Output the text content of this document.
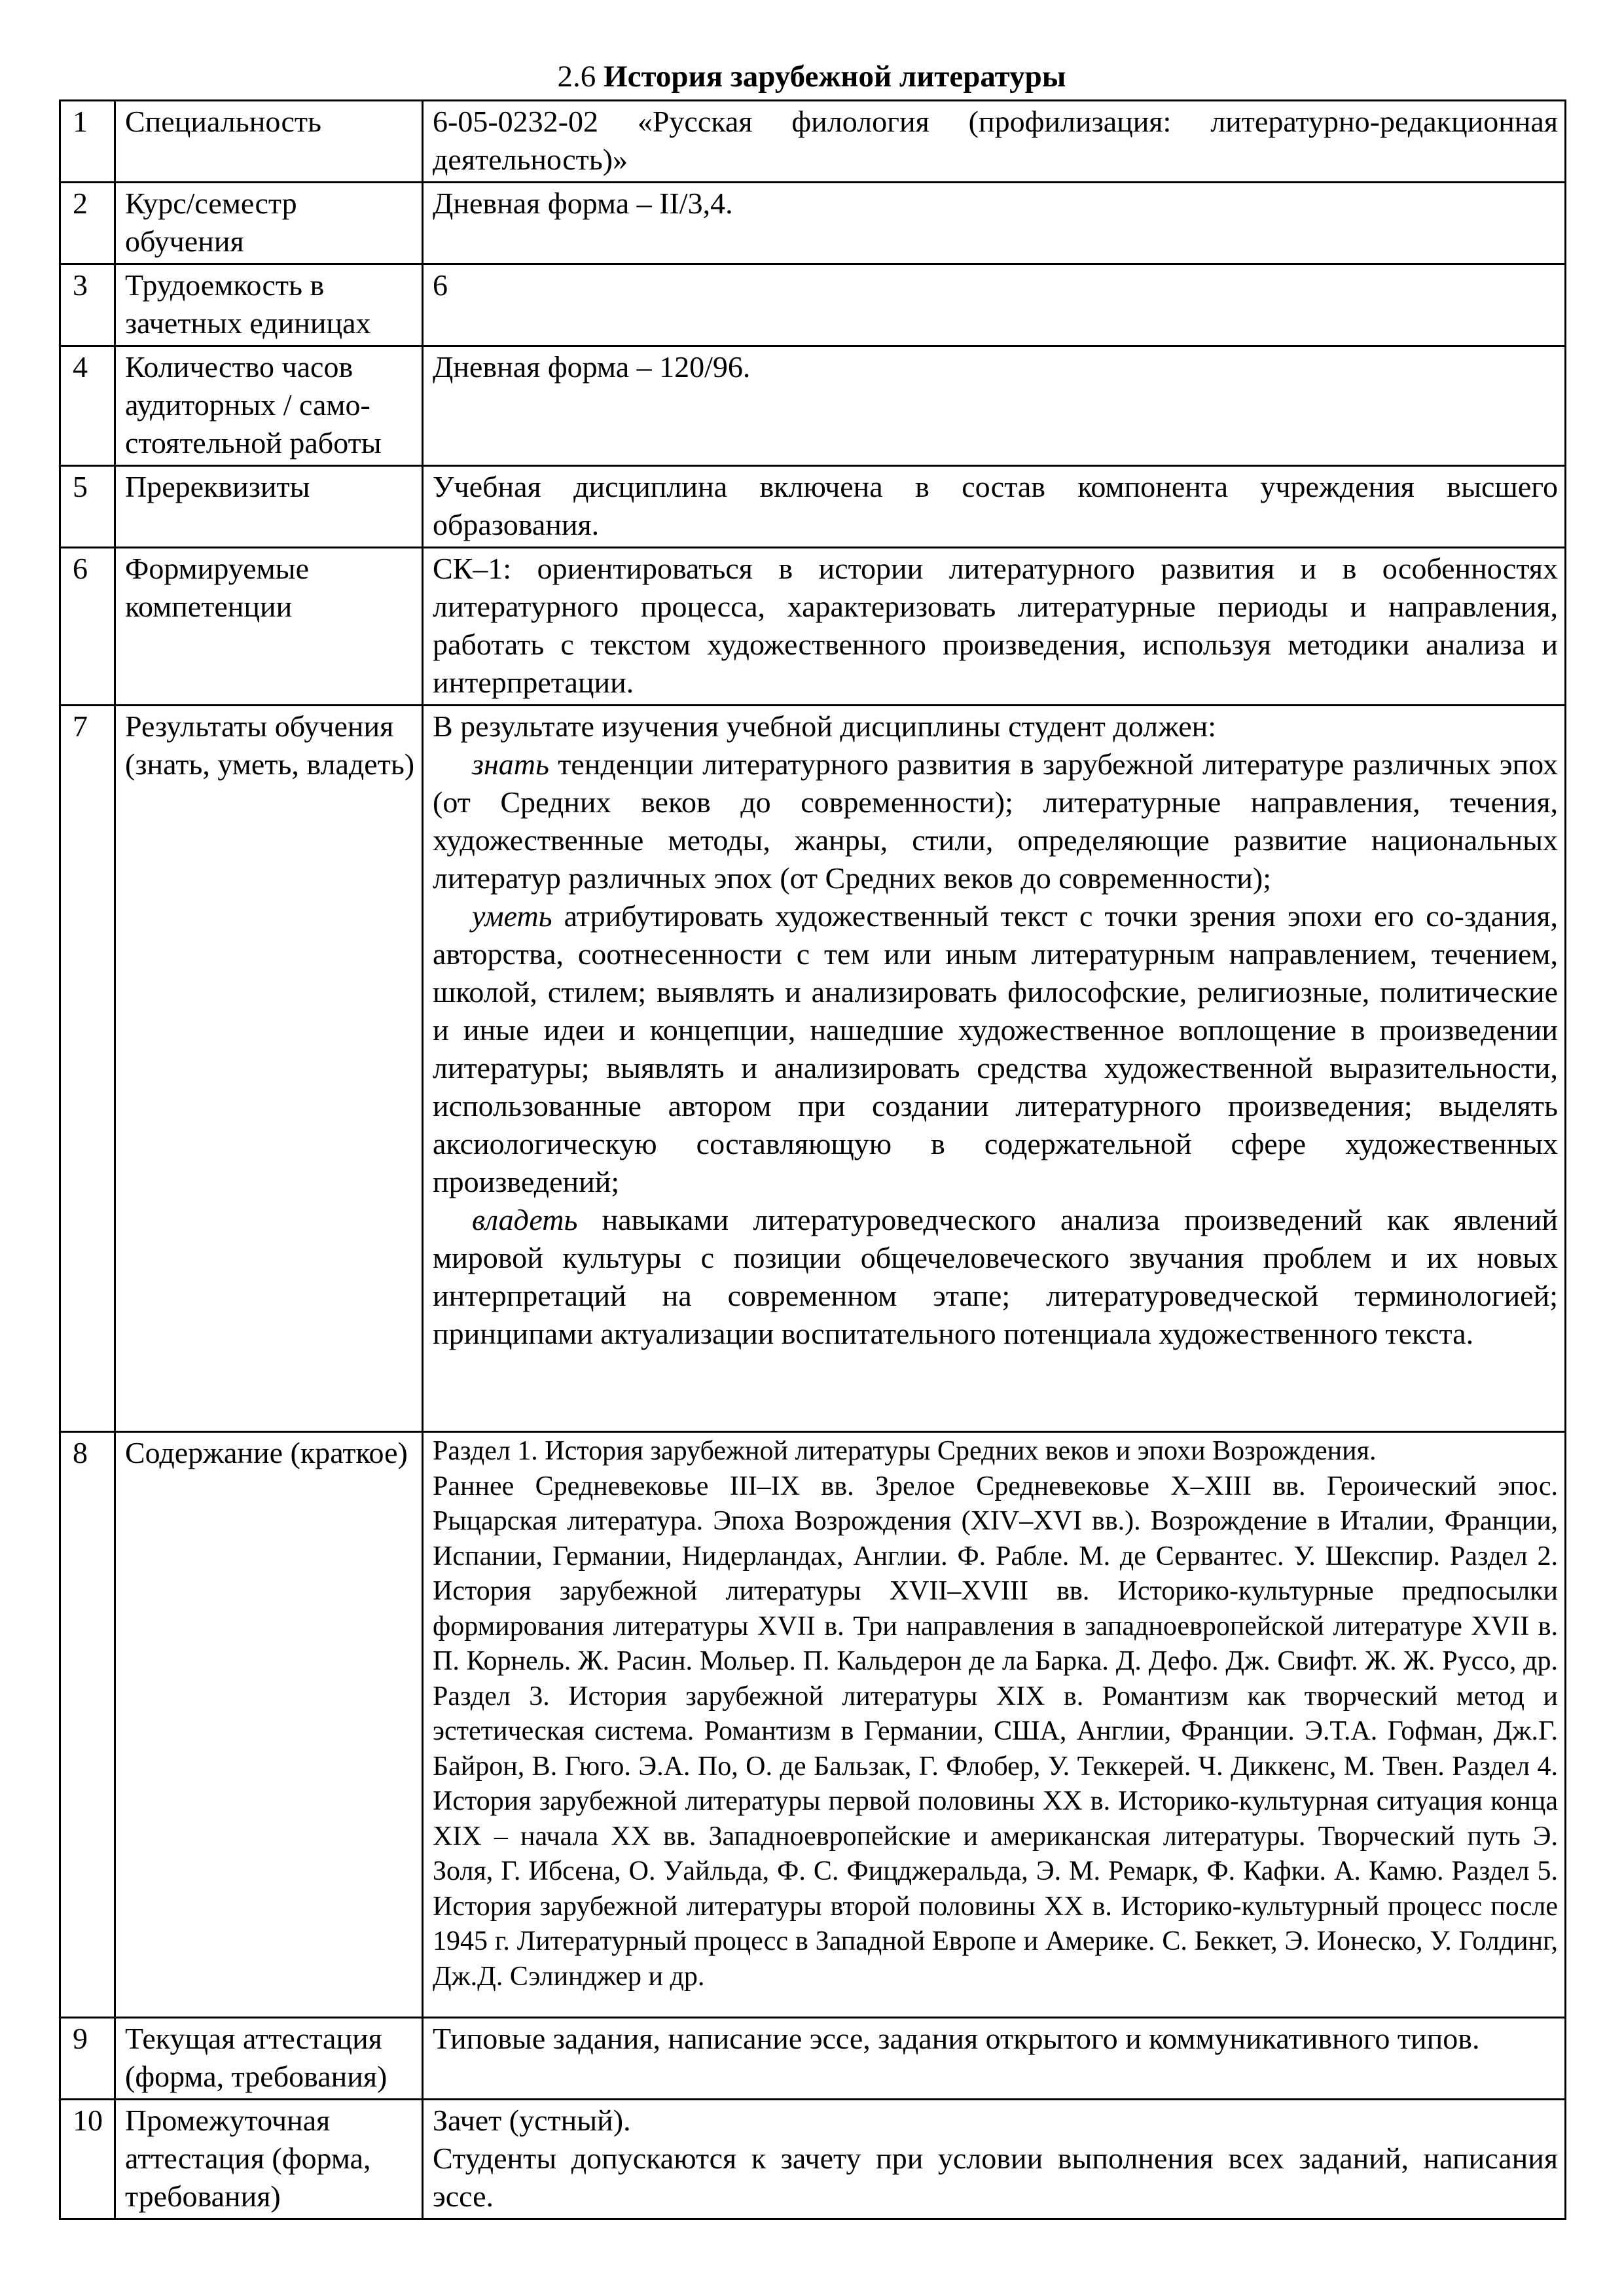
2.6 История зарубежной литературы
1	Специальность	6-05-0232-02 «Русская филология (профилизация: литературно-редакционная деятельность)»
2	Курс/семестр обучения	Дневная форма – II/3,4.
3	Трудоемкость в зачетных единицах	6
4	Количество часов аудиторных / само-стоятельной работы	Дневная форма – 120/96.
5	Пререквизиты	Учебная дисциплина включена в состав компонента учреждения высшего образования.
6	Формируемые компетенции	СК–1: ориентироваться в истории литературного развития и в особенностях литературного процесса, характеризовать литературные периоды и направления, работать с текстом художественного произведения, используя методики анализа и интерпретации.
7	Результаты обучения (знать, уметь, владеть)	В результате изучения учебной дисциплины студент должен:

знать тенденции литературного развития в зарубежной литературе различных эпох (от Средних веков до современности); литературные направления, течения, художественные методы, жанры, стили, определяющие развитие национальных литератур различных эпох (от Средних веков до современности);

уметь атрибутировать художественный текст с точки зрения эпохи его со-здания, авторства, соотнесенности с тем или иным литературным направлением, течением, школой, стилем; выявлять и анализировать философские, религиозные, политические и иные идеи и концепции, нашедшие художественное воплощение в произведении литературы; выявлять и анализировать средства художественной выразительности, использованные автором при создании литературного произведения; выделять аксиологическую составляющую в содержательной сфере художественных произведений;

владеть навыками литературоведческого анализа произведений как явлений мировой культуры с позиции общечеловеческого звучания проблем и их новых интерпретаций на современном этапе; литературоведческой терминологией; принципами актуализации воспитательного потенциала художественного текста.

8	Содержание (краткое)	Раздел 1. История зарубежной литературы Средних веков и эпохи Возрождения.

Раннее Средневековье III–IX вв. Зрелое Средневековье X–XIII вв. Героический эпос. Рыцарская литература. Эпоха Возрождения (XIV–XVI вв.). Возрождение в Италии, Франции, Испании, Германии, Нидерландах, Англии. Ф. Рабле. М. де Сервантес. У. Шекспир. Раздел 2. История зарубежной литературы XVII–XVIII вв. Историко-культурные предпосылки формирования литературы XVII в. Три направления в западноевропейской литературе XVII в. П. Корнель. Ж. Расин. Мольер. П. Кальдерон де ла Барка. Д. Дефо. Дж. Свифт. Ж. Ж. Руссо, др. Раздел 3. История зарубежной литературы XIX в. Романтизм как творческий метод и эстетическая система. Романтизм в Германии, США, Англии, Франции. Э.Т.А. Гофман, Дж.Г. Байрон, В. Гюго. Э.А. По, О. де Бальзак, Г. Флобер, У. Теккерей. Ч. Диккенс, М. Твен. Раздел 4. История зарубежной литературы первой половины XX в. Историко-культурная ситуация конца XIX – начала XX вв. Западноевропейские и американская литературы. Творческий путь Э. Золя, Г. Ибсена, О. Уайльда, Ф. С. Фицджеральда, Э. М. Ремарк, Ф. Кафки. А. Камю. Раздел 5. История зарубежной литературы второй половины XX в. Историко-культурный процесс после 1945 г. Литературный процесс в Западной Европе и Америке. С. Беккет, Э. Ионеско, У. Голдинг, Дж.Д. Сэлинджер и др.

9	Текущая аттестация (форма, требования)	Типовые задания, написание эссе, задания открытого и коммуникативного типов.
10	Промежуточная аттестация (форма, требования)	Зачет (устный).

Студенты допускаются к зачету при условии выполнения всех заданий, написания эссе.
